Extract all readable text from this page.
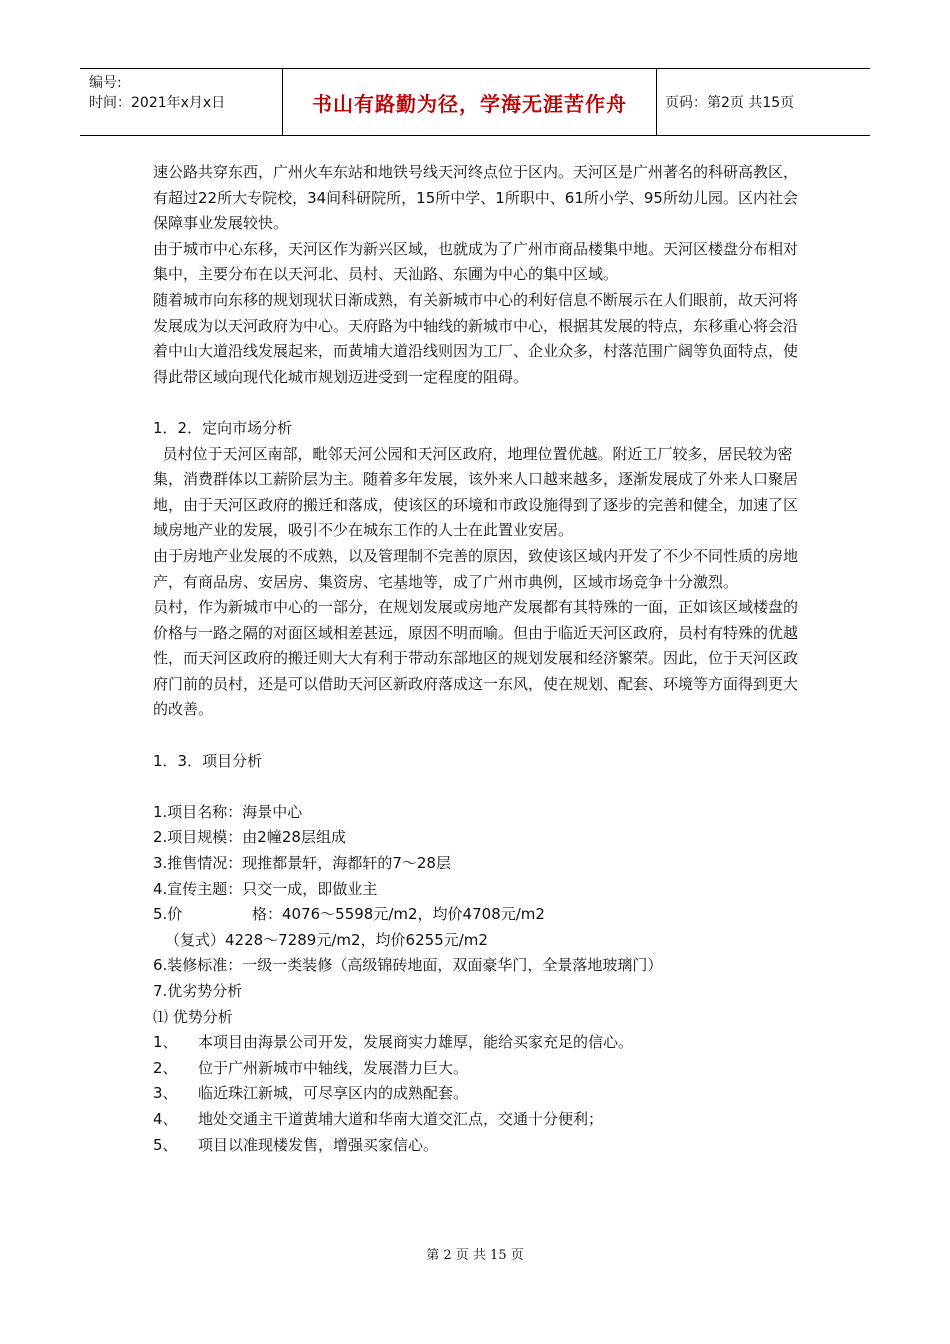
编号:
时间：2021年x月x日	书山有路勤为径，学海无涯苦作舟	页码：第2页 共15页

速公路共穿东西，广州火车东站和地铁号线天河终点位于区内。天河区是广州著名的科研高教区，有超过22所大专院校，34间科研院所，15所中学、1所职中、61所小学、95所幼儿园。区内社会保障事业发展较快。

由于城市中心东移，天河区作为新兴区域，也就成为了广州市商品楼集中地。天河区楼盘分布相对集中，主要分布在以天河北、员村、天汕路、东圃为中心的集中区域。

随着城市向东移的规划现状日渐成熟，有关新城市中心的利好信息不断展示在人们眼前，故天河将发展成为以天河政府为中心。天府路为中轴线的新城市中心，根据其发展的特点，东移重心将会沿着中山大道沿线发展起来，而黄埔大道沿线则因为工厂、企业众多，村落范围广阔等负面特点，使得此带区域向现代化城市规划迈进受到一定程度的阻碍。

1．2．定向市场分析

员村位于天河区南部，毗邻天河公园和天河区政府，地理位置优越。附近工厂较多，居民较为密集，消费群体以工薪阶层为主。随着多年发展，该外来人口越来越多，逐渐发展成了外来人口聚居地，由于天河区政府的搬迁和落成，使该区的环境和市政设施得到了逐步的完善和健全，加速了区域房地产业的发展，吸引不少在城东工作的人士在此置业安居。

由于房地产业发展的不成熟，以及管理制不完善的原因，致使该区域内开发了不少不同性质的房地产，有商品房、安居房、集资房、宅基地等，成了广州市典例，区域市场竞争十分激烈。

员村，作为新城市中心的一部分，在规划发展或房地产发展都有其特殊的一面，正如该区域楼盘的价格与一路之隔的对面区域相差甚远，原因不明而喻。但由于临近天河区政府，员村有特殊的优越性，而天河区政府的搬迁则大大有利于带动东部地区的规划发展和经济繁荣。因此，位于天河区政府门前的员村，还是可以借助天河区新政府落成这一东风，使在规划、配套、环境等方面得到更大的改善。

1．3．项目分析

1.项目名称：海景中心

2.项目规模：由2幢28层组成

3.推售情况：现推都景轩，海都轩的7～28层

4.宣传主题：只交一成，即做业主

5.价	格：4076～5598元/m2，均价4708元/m2

（复式）4228～7289元/m2，均价6255元/m2

6.装修标准：一级一类装修（高级锦砖地面，双面豪华门，全景落地玻璃门）

7.优劣势分析

⑴ 优势分析

1、 本项目由海景公司开发，发展商实力雄厚，能给买家充足的信心。

2、 位于广州新城市中轴线，发展潜力巨大。

3、 临近珠江新城，可尽享区内的成熟配套。

4、 地处交通主干道黄埔大道和华南大道交汇点，交通十分便利；

5、 项目以准现楼发售，增强买家信心。

第 2 页 共 15 页
